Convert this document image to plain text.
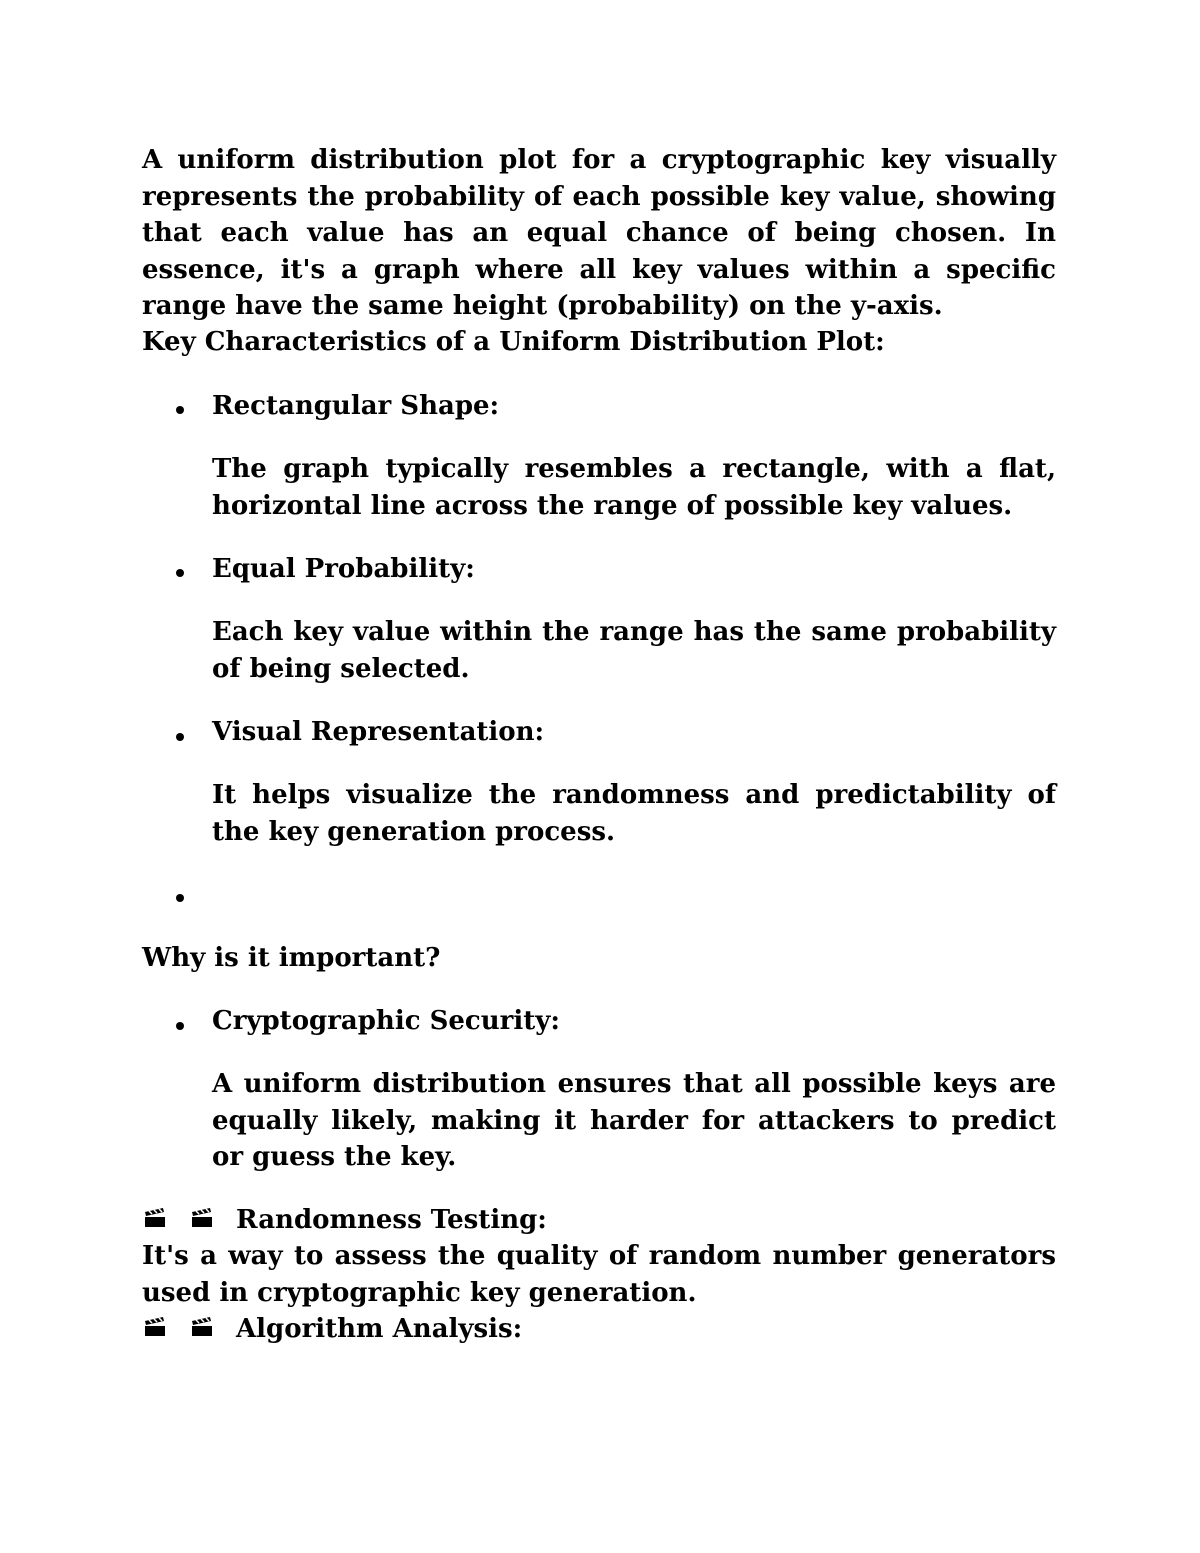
A uniform distribution plot for a cryptographic key visually represents the probability of each possible key value, showing that each value has an equal chance of being chosen. In essence, it's a graph where all key values within a specific range have the same height (probability) on the y-axis.

Key Characteristics of a Uniform Distribution Plot:

Rectangular Shape:

The graph typically resembles a rectangle, with a flat, horizontal line across the range of possible key values.

Equal Probability:

Each key value within the range has the same probability of being selected.

Visual Representation:

It helps visualize the randomness and predictability of the key generation process.

Why is it important?

Cryptographic Security:

A uniform distribution ensures that all possible keys are equally likely, making it harder for attackers to predict or guess the key.

Randomness Testing:

It's a way to assess the quality of random number generators used in cryptographic key generation.

Algorithm Analysis:
